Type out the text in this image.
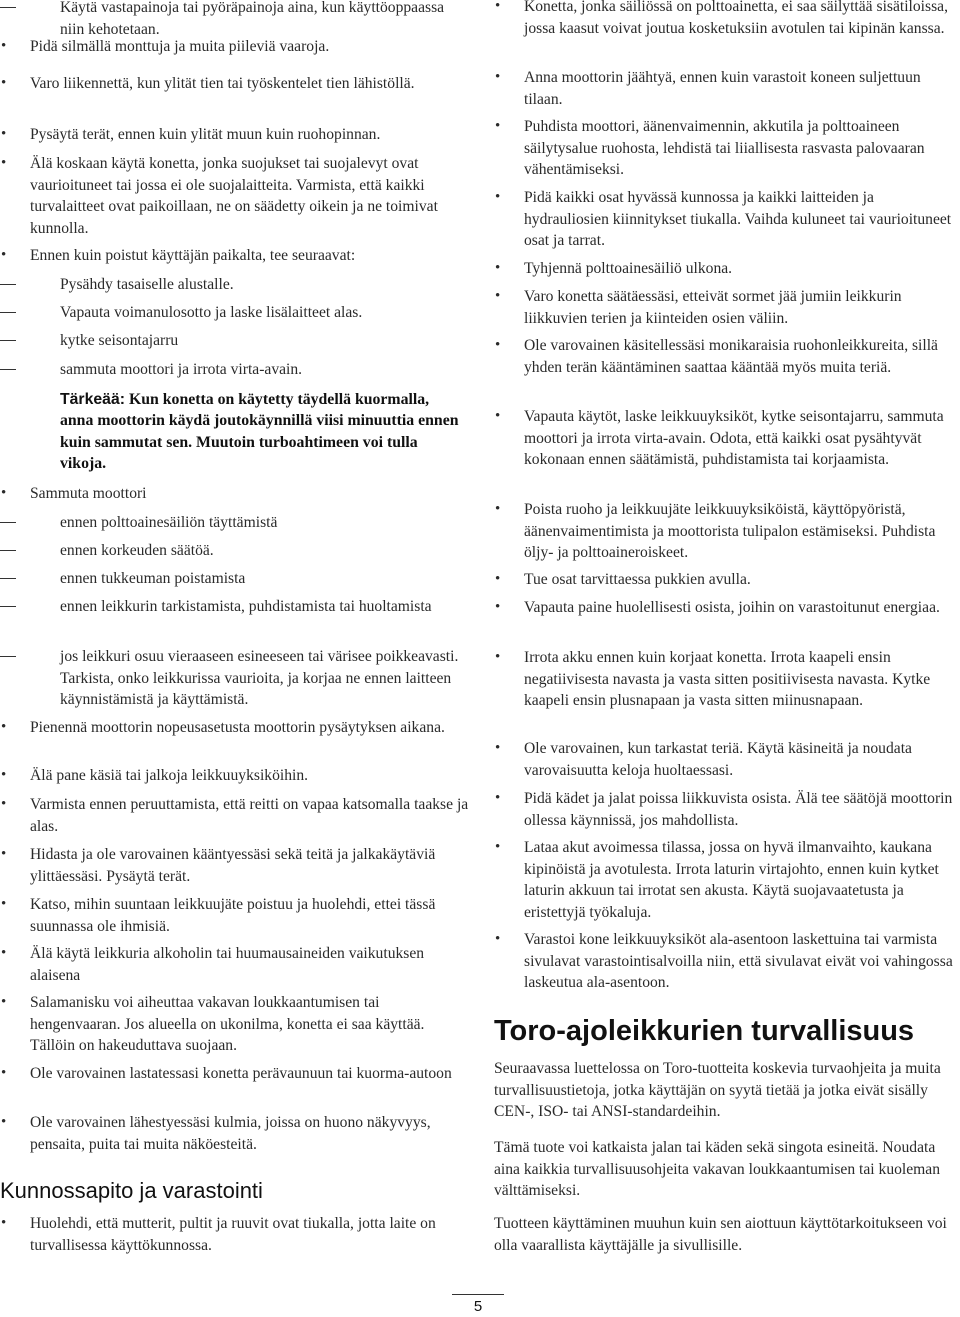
Käytä vastapainoja tai pyöräpainoja aina, kun käyttöoppaassa niin kehotetaan.
•	Pidä silmällä monttuja ja muita piileviä vaaroja.
•	Varo liikennettä, kun ylität tien tai työskentelet tien lähistöllä.
•	Pysäytä terät, ennen kuin ylität muun kuin ruohopinnan.
•	Älä koskaan käytä konetta, jonka suojukset tai suojalevyt ovat vaurioituneet tai jossa ei ole suojalaitteita. Varmista, että kaikki turvalaitteet ovat paikoillaan, ne on säädetty oikein ja ne toimivat kunnolla.
•	Ennen kuin poistut käyttäjän paikalta, tee seuraavat:
Pysähdy tasaiselle alustalle.
Vapauta voimanulosotto ja laske lisälaitteet alas.
kytke seisontajarru
sammuta moottori ja irrota virta-avain.
Tärkeää: Kun konetta on käytetty täydellä kuormalla, anna moottorin käydä joutokäynnillä viisi minuuttia ennen kuin sammutat sen. Muutoin turboahtimeen voi tulla vikoja.
•	Sammuta moottori
ennen polttoainesäiliön täyttämistä
ennen korkeuden säätöä.
ennen tukkeuman poistamista
ennen leikkurin tarkistamista, puhdistamista tai huoltamista
jos leikkuri osuu vieraaseen esineeseen tai värisee poikkeavasti. Tarkista, onko leikkurissa vaurioita, ja korjaa ne ennen laitteen käynnistämistä ja käyttämistä.
•	Pienennä moottorin nopeusasetusta moottorin pysäytyksen aikana.
•	Älä pane käsiä tai jalkoja leikkuuyksiköihin.
•	Varmista ennen peruuttamista, että reitti on vapaa katsomalla taakse ja alas.
•	Hidasta ja ole varovainen kääntyessäsi sekä teitä ja jalkakäytäviä ylittäessäsi. Pysäytä terät.
•	Katso, mihin suuntaan leikkuujäte poistuu ja huolehdi, ettei tässä suunnassa ole ihmisiä.
•	Älä käytä leikkuria alkoholin tai huumausaineiden vaikutuksen alaisena
•	Salamanisku voi aiheuttaa vakavan loukkaantumisen tai hengenvaaran. Jos alueella on ukonilma, konetta ei saa käyttää. Tällöin on hakeuduttava suojaan.
•	Ole varovainen lastatessasi konetta perävaunuun tai kuorma-autoon
•	Ole varovainen lähestyessäsi kulmia, joissa on huono näkyvyys, pensaita, puita tai muita näköesteitä.
Kunnossapito ja varastointi
•	Huolehdi, että mutterit, pultit ja ruuvit ovat tiukalla, jotta laite on turvallisessa käyttökunnossa.
•	Konetta, jonka säiliössä on polttoainetta, ei saa säilyttää sisätiloissa, jossa kaasut voivat joutua kosketuksiin avotulen tai kipinän kanssa.
•	Anna moottorin jäähtyä, ennen kuin varastoit koneen suljettuun tilaan.
•	Puhdista moottori, äänenvaimennin, akkutila ja polttoaineen säilytysalue ruohosta, lehdistä tai liiallisesta rasvasta palovaaran vähentämiseksi.
•	Pidä kaikki osat hyvässä kunnossa ja kaikki laitteiden ja hydrauliosien kiinnitykset tiukalla. Vaihda kuluneet tai vaurioituneet osat ja tarrat.
•	Tyhjennä polttoainesäiliö ulkona.
•	Varo konetta säätäessäsi, etteivät sormet jää jumiin leikkurin liikkuvien terien ja kiinteiden osien väliin.
•	Ole varovainen käsitellessäsi monikaraisia ruohonleikkureita, sillä yhden terän kääntäminen saattaa kääntää myös muita teriä.
•	Vapauta käytöt, laske leikkuuyksiköt, kytke seisontajarru, sammuta moottori ja irrota virta-avain. Odota, että kaikki osat pysähtyvät kokonaan ennen säätämistä, puhdistamista tai korjaamista.
•	Poista ruoho ja leikkuujäte leikkuuyksiköistä, käyttöpyöristä, äänenvaimentimista ja moottorista tulipalon estämiseksi. Puhdista öljy- ja polttoaineroiskeet.
•	Tue osat tarvittaessa pukkien avulla.
•	Vapauta paine huolellisesti osista, joihin on varastoitunut energiaa.
•	Irrota akku ennen kuin korjaat konetta. Irrota kaapeli ensin negatiivisesta navasta ja vasta sitten positiivisesta navasta. Kytke kaapeli ensin plusnapaan ja vasta sitten miinusnapaan.
•	Ole varovainen, kun tarkastat teriä. Käytä käsineitä ja noudata varovaisuutta keloja huoltaessasi.
•	Pidä kädet ja jalat poissa liikkuvista osista. Älä tee säätöjä moottorin ollessa käynnissä, jos mahdollista.
•	Lataa akut avoimessa tilassa, jossa on hyvä ilmanvaihto, kaukana kipinöistä ja avotulesta. Irrota laturin virtajohto, ennen kuin kytket laturin akkuun tai irrotat sen akusta. Käytä suojavaatetusta ja eristettyjä työkaluja.
•	Varastoi kone leikkuuyksiköt ala-asentoon laskettuina tai varmista sivulavat varastointisalvoilla niin, että sivulavat eivät voi vahingossa laskeutua ala-asentoon.
Toro-ajoleikkurien turvallisuus

Seuraavassa luettelossa on Toro-tuotteita koskevia turvaohjeita ja muita turvallisuustietoja, jotka käyttäjän on syytä tietää ja jotka eivät sisälly CEN-, ISO- tai ANSI-standardeihin.

Tämä tuote voi katkaista jalan tai käden sekä singota esineitä. Noudata aina kaikkia turvallisuusohjeita vakavan loukkaantumisen tai kuoleman välttämiseksi.

Tuotteen käyttäminen muuhun kuin sen aiottuun käyttötarkoitukseen voi olla vaarallista käyttäjälle ja sivullisille.

5
